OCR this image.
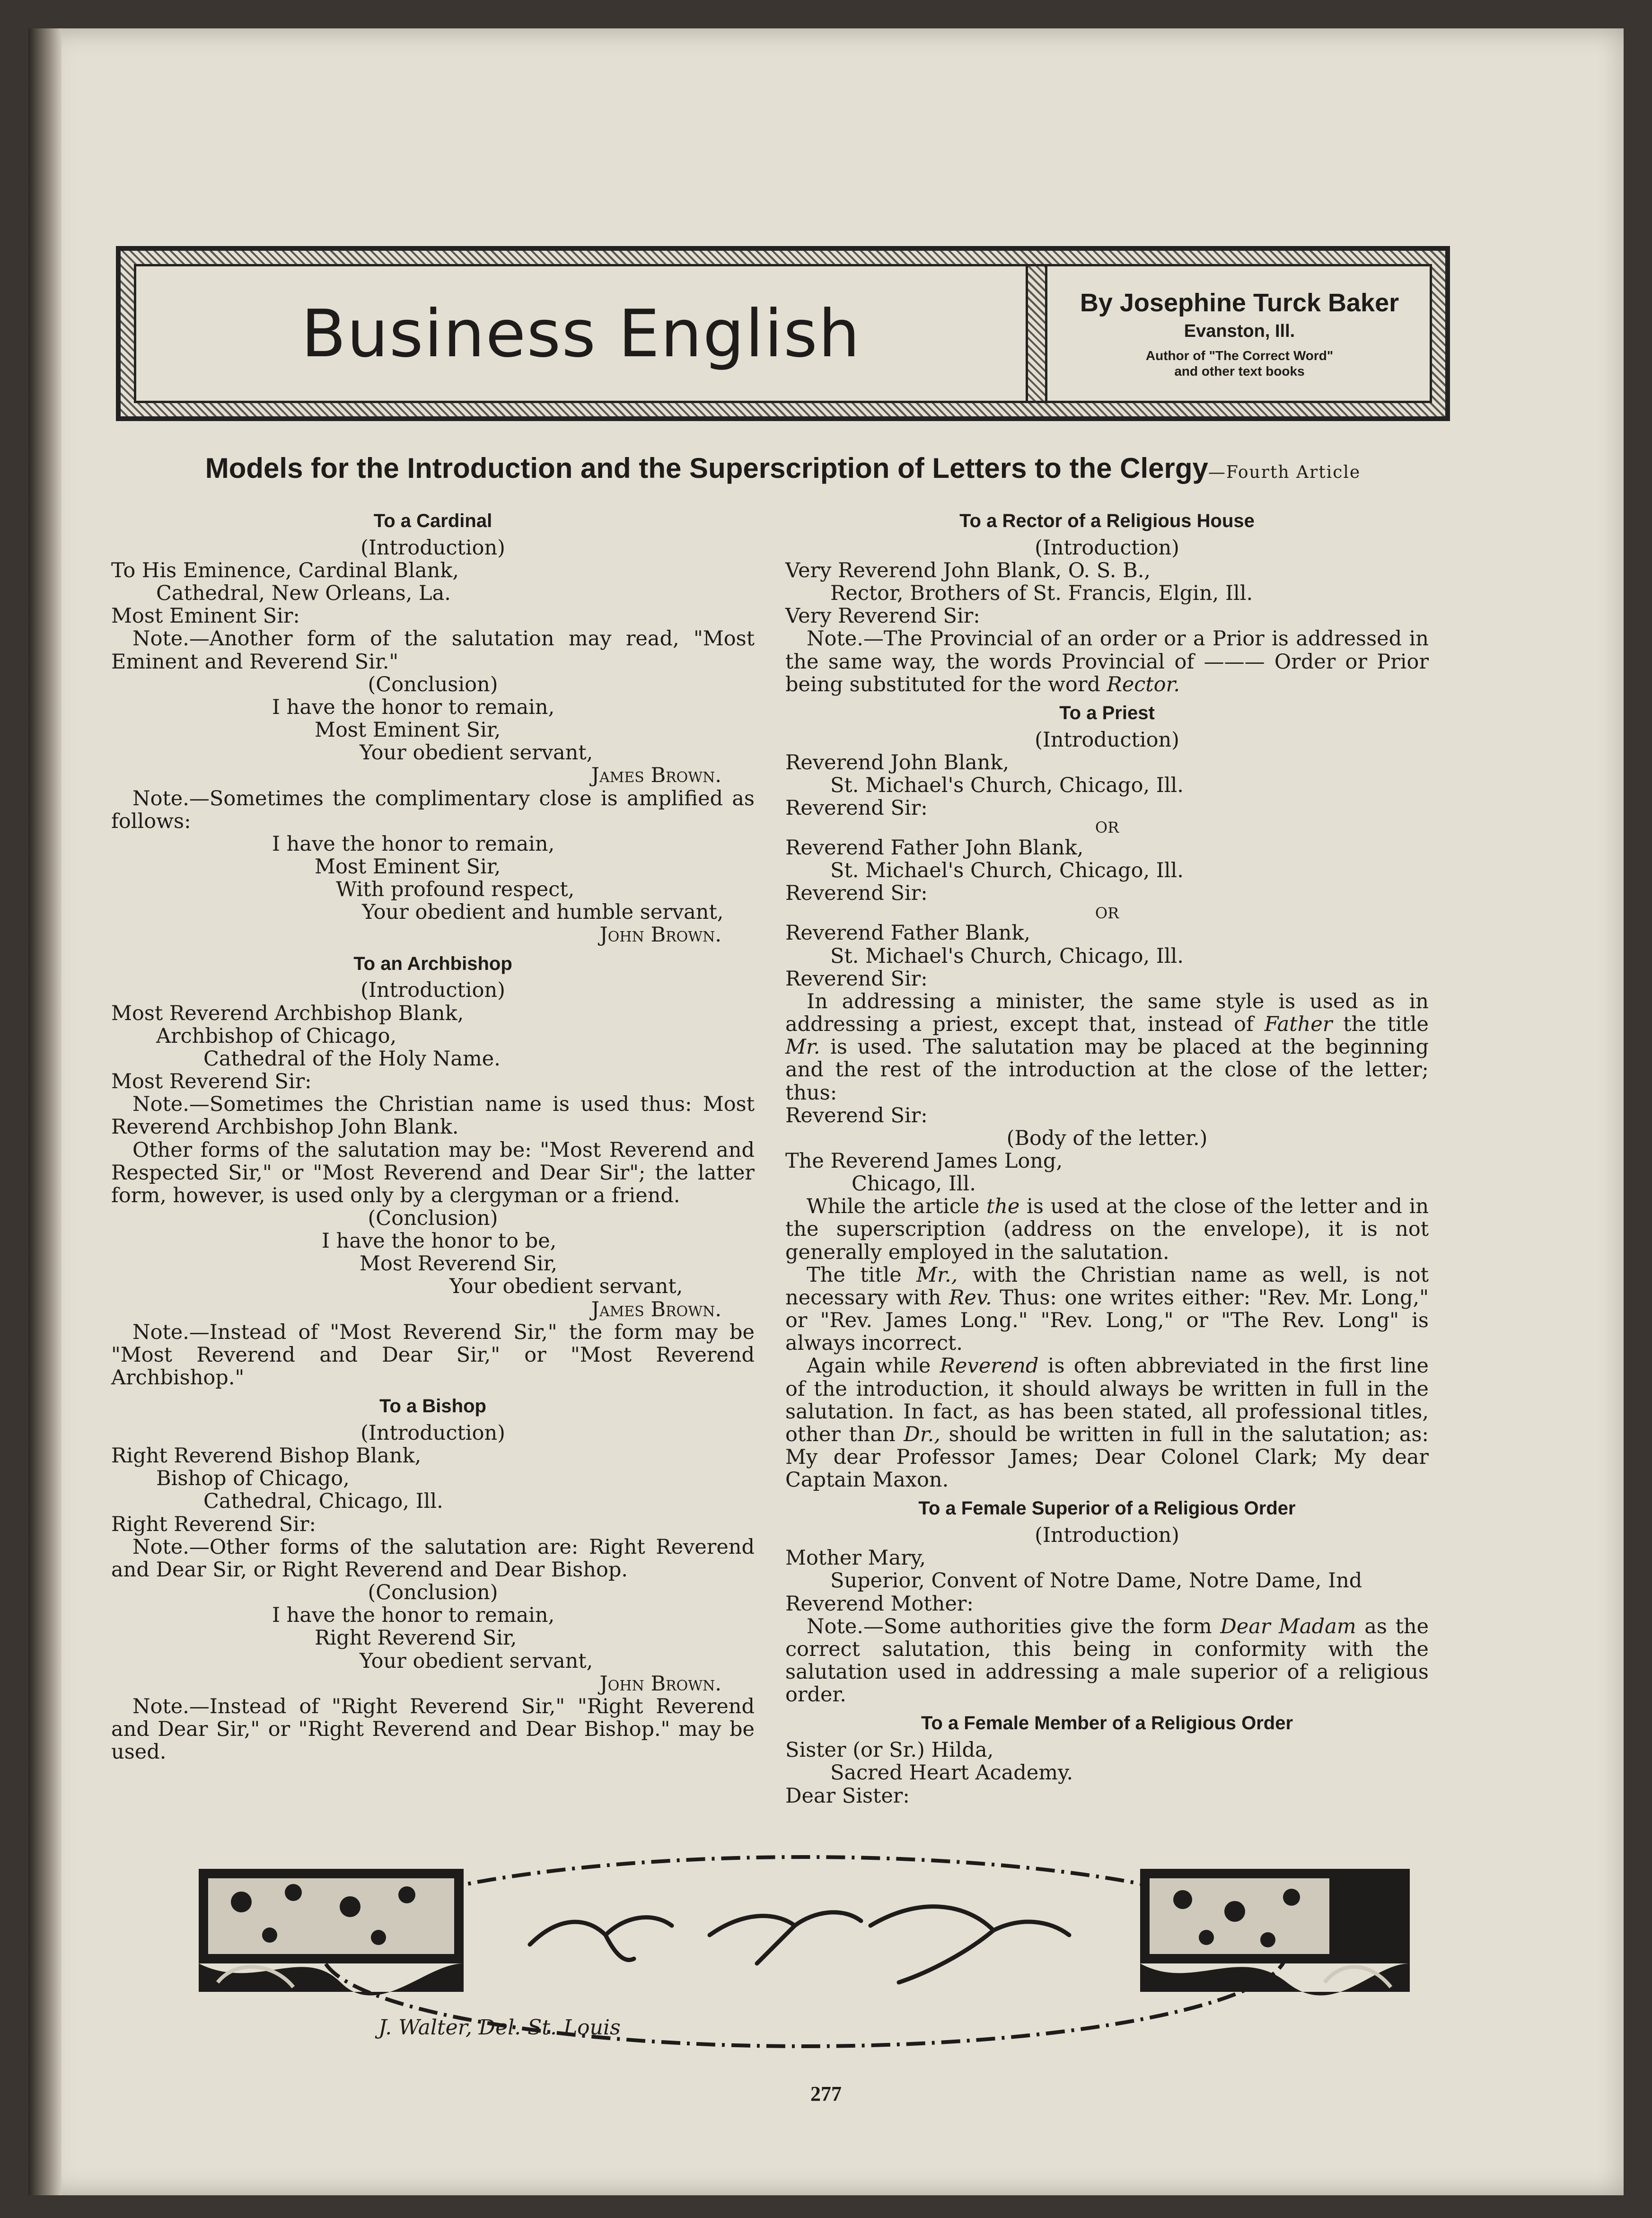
Business English	By Josephine Turck Baker
Evanston, Ill.
Author of "The Correct Word"
and other text books
Models for the Introduction and the Superscription of Letters to the Clergy—Fourth Article
To a Cardinal

(Introduction)

To His Eminence, Cardinal Blank,

Cathedral, New Orleans, La.

Most Eminent Sir:

Note.—Another form of the salutation may read, "Most Eminent and Reverend Sir."

(Conclusion)

I have the honor to remain,

Most Eminent Sir,

Your obedient servant,

James Brown.

Note.—Sometimes the complimentary close is amplified as follows:

I have the honor to remain,

Most Eminent Sir,

With profound respect,

Your obedient and humble servant,

John Brown.

To an Archbishop

(Introduction)

Most Reverend Archbishop Blank,

Archbishop of Chicago,

Cathedral of the Holy Name.

Most Reverend Sir:

Note.—Sometimes the Christian name is used thus: Most Reverend Archbishop John Blank.

Other forms of the salutation may be: "Most Reverend and Respected Sir," or "Most Reverend and Dear Sir"; the latter form, however, is used only by a clergyman or a friend.

(Conclusion)

I have the honor to be,

Most Reverend Sir,

Your obedient servant,

James Brown.

Note.—Instead of "Most Reverend Sir," the form may be "Most Reverend and Dear Sir," or "Most Reverend Archbishop."

To a Bishop

(Introduction)

Right Reverend Bishop Blank,

Bishop of Chicago,

Cathedral, Chicago, Ill.

Right Reverend Sir:

Note.—Other forms of the salutation are: Right Reverend and Dear Sir, or Right Reverend and Dear Bishop.

(Conclusion)

I have the honor to remain,

Right Reverend Sir,

Your obedient servant,

John Brown.

Note.—Instead of "Right Reverend Sir," "Right Reverend and Dear Sir," or "Right Reverend and Dear Bishop." may be used.

To a Rector of a Religious House

(Introduction)

Very Reverend John Blank, O. S. B.,

Rector, Brothers of St. Francis, Elgin, Ill.

Very Reverend Sir:

Note.—The Provincial of an order or a Prior is addressed in the same way, the words Provincial of ——— Order or Prior being substituted for the word Rector.

To a Priest

(Introduction)

Reverend John Blank,

St. Michael's Church, Chicago, Ill.

Reverend Sir:

OR

Reverend Father John Blank,

St. Michael's Church, Chicago, Ill.

Reverend Sir:

OR

Reverend Father Blank,

St. Michael's Church, Chicago, Ill.

Reverend Sir:

In addressing a minister, the same style is used as in addressing a priest, except that, instead of Father the title Mr. is used. The salutation may be placed at the beginning and the rest of the introduction at the close of the letter; thus:

Reverend Sir:

(Body of the letter.)

The Reverend James Long,

Chicago, Ill.

While the article the is used at the close of the letter and in the superscription (address on the envelope), it is not generally employed in the salutation.

The title Mr., with the Christian name as well, is not necessary with Rev. Thus: one writes either: "Rev. Mr. Long," or "Rev. James Long." "Rev. Long," or "The Rev. Long" is always incorrect.

Again while Reverend is often abbreviated in the first line of the introduction, it should always be written in full in the salutation. In fact, as has been stated, all professional titles, other than Dr., should be written in full in the salutation; as: My dear Professor James; Dear Colonel Clark; My dear Captain Maxon.

To a Female Superior of a Religious Order

(Introduction)

Mother Mary,

Superior, Convent of Notre Dame, Notre Dame, Ind

Reverend Mother:

Note.—Some authorities give the form Dear Madam as the correct salutation, this being in conformity with the salutation used in addressing a male superior of a religious order.

To a Female Member of a Religious Order

Sister (or Sr.) Hilda,

Sacred Heart Academy.

Dear Sister:

J. Walter, Del. St. Louis
277
